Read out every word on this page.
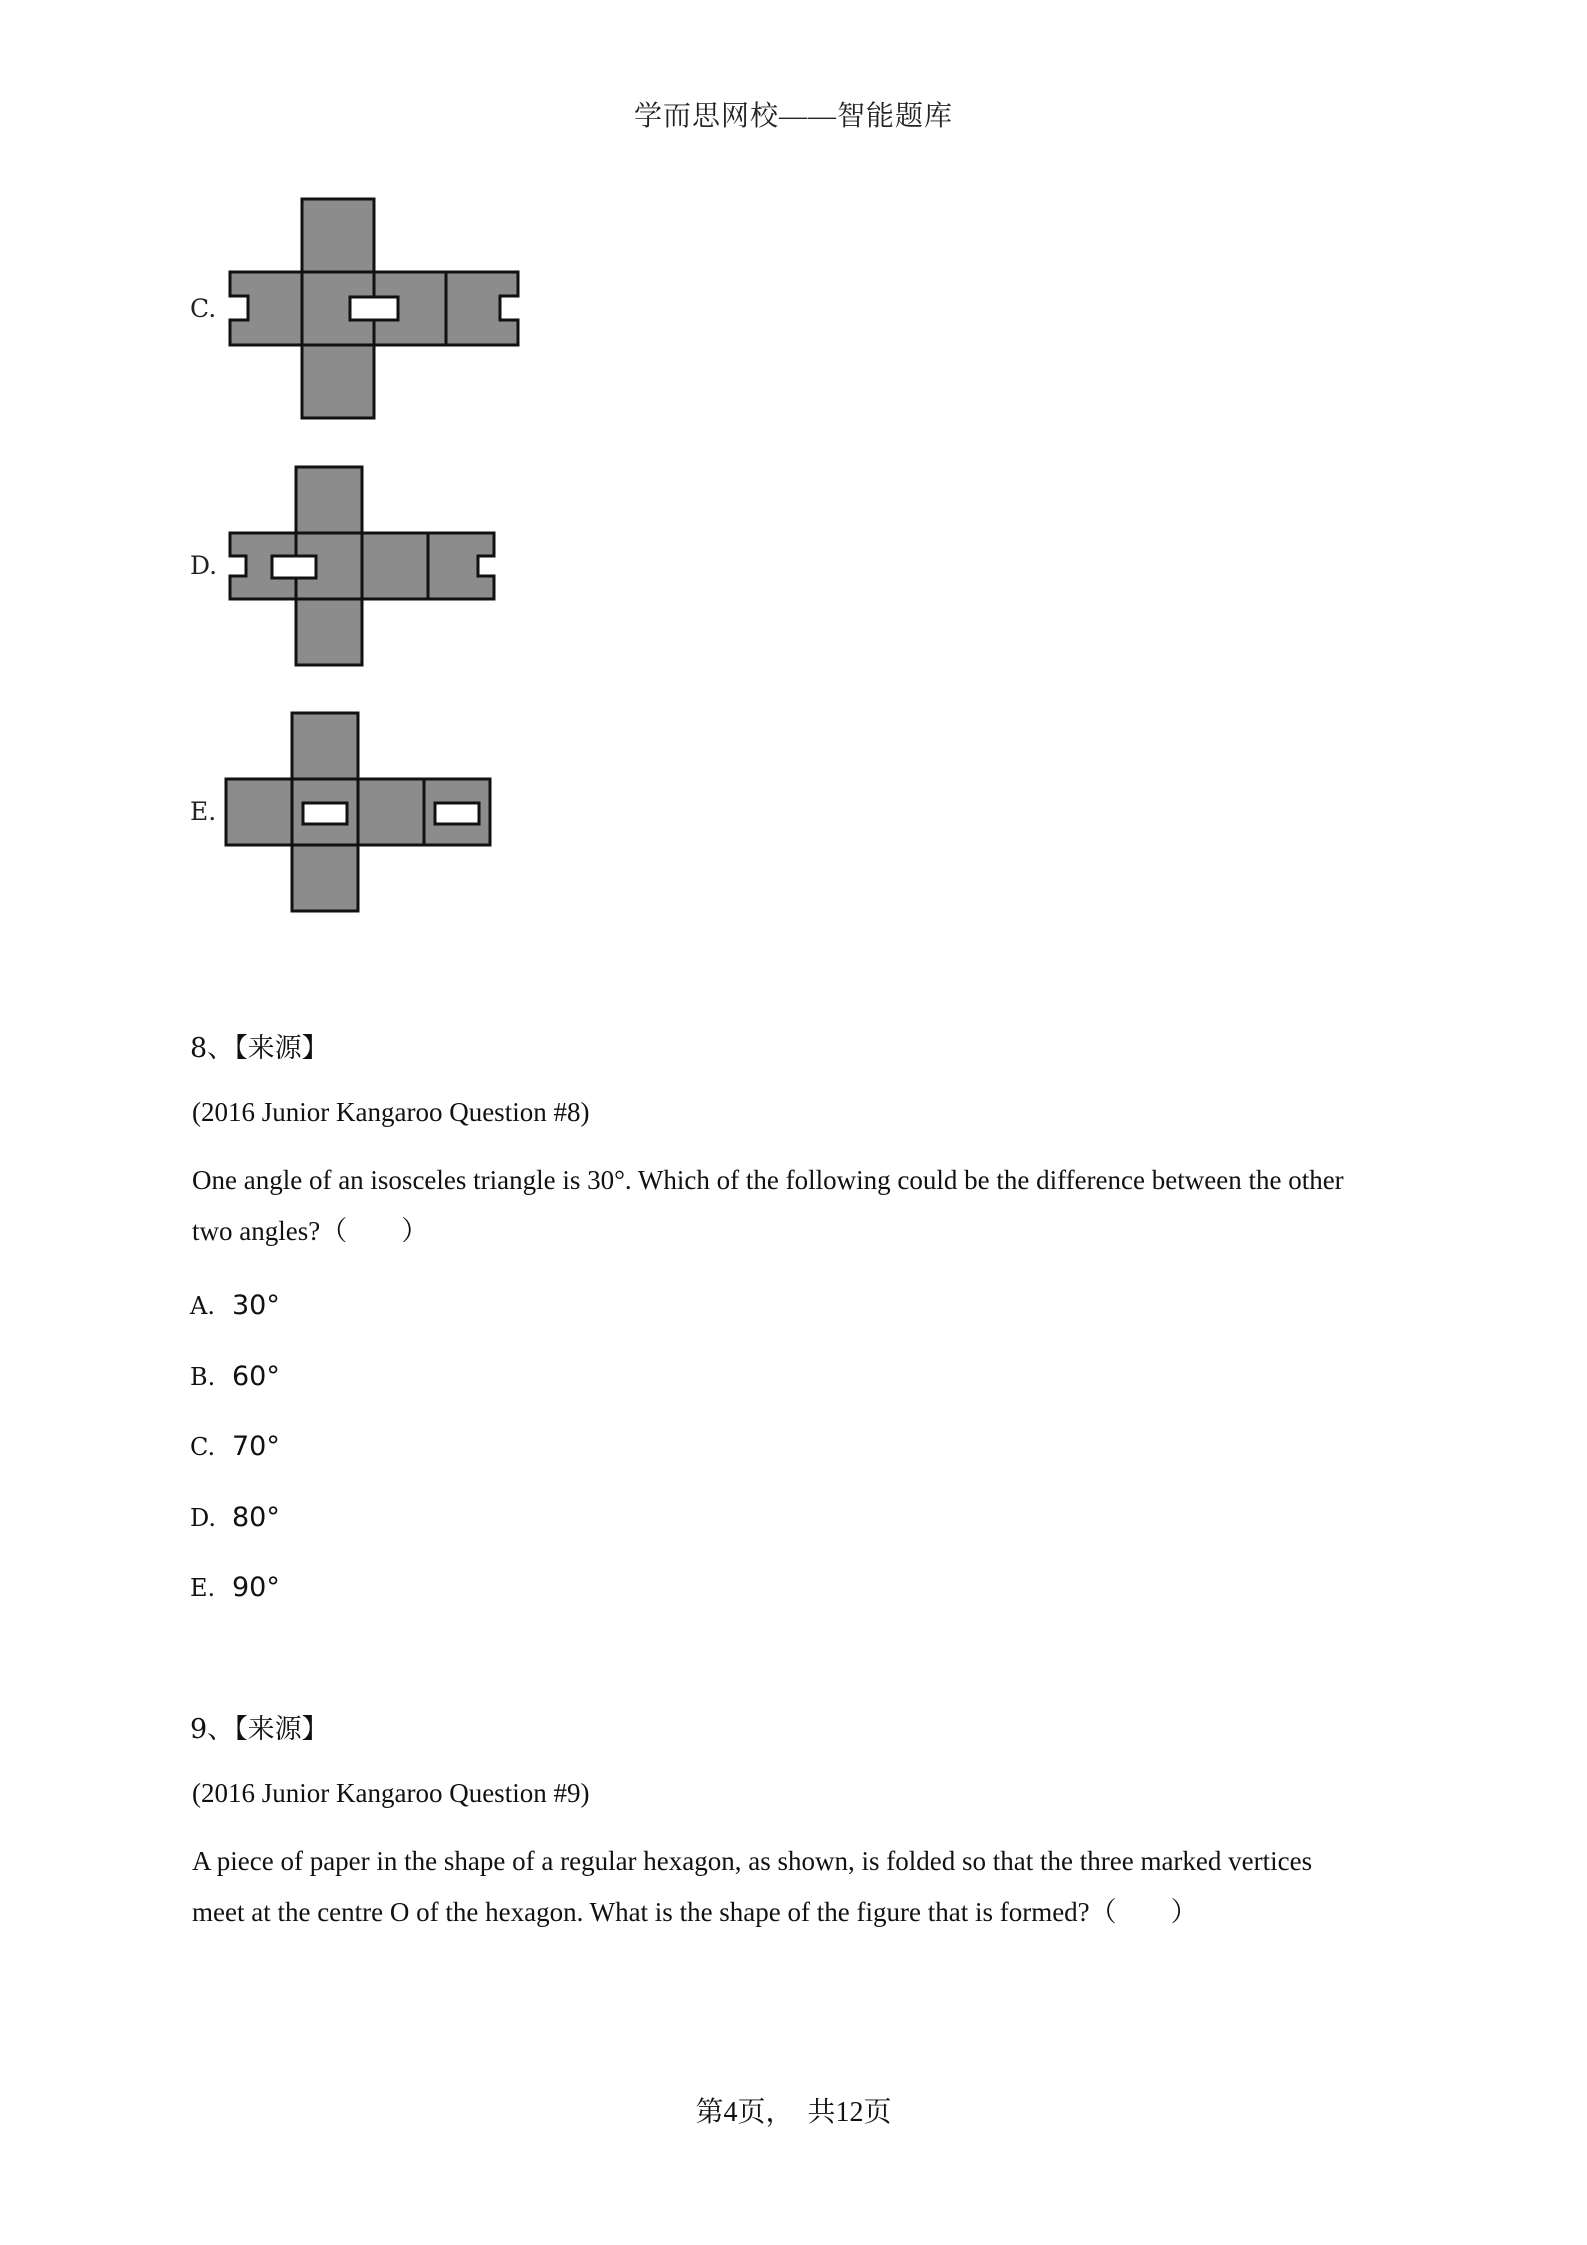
学而思网校——智能题库
C.
D.
E.
8、【来源】
(2016 Junior Kangaroo Question #8)
One angle of an isosceles triangle is 30°. Which of the following could be the difference between the other
two angles?（　　）
A. 30°
B. 60°
C. 70°
D. 80°
E. 90°
9、【来源】
(2016 Junior Kangaroo Question #9)
A piece of paper in the shape of a regular hexagon, as shown, is folded so that the three marked vertices
meet at the centre O of the hexagon. What is the shape of the figure that is formed?（　　）
第4页，　共12页
